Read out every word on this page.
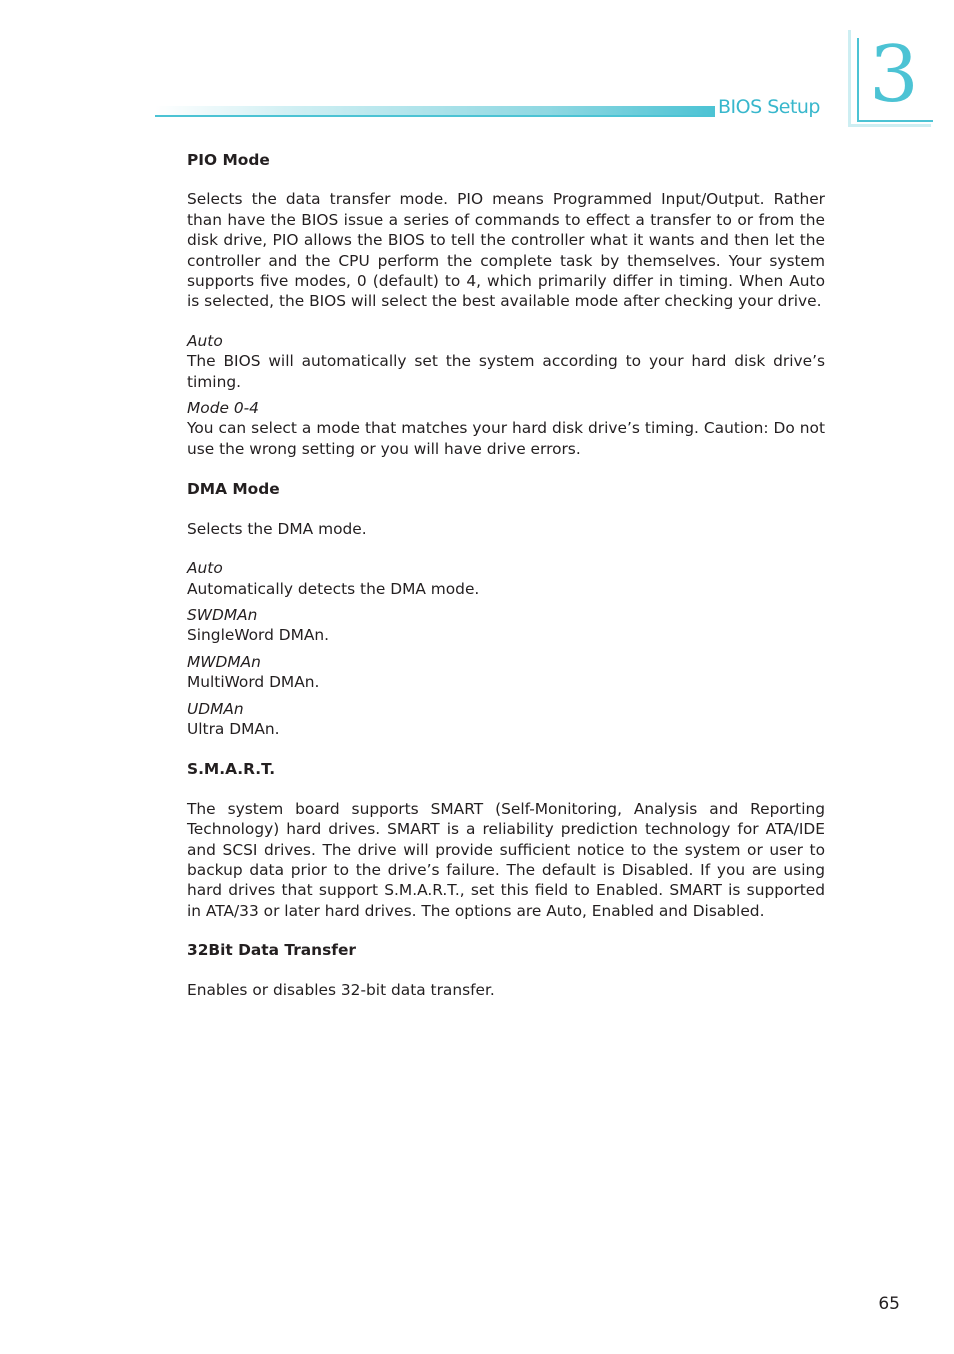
BIOS Setup 3
PIO Mode
Selects the data transfer mode. PIO means Programmed Input/Output. Rather than have the BIOS issue a series of commands to effect a transfer to or from the disk drive, PIO allows the BIOS to tell the controller what it wants and then let the controller and the CPU perform the complete task by themselves. Your system supports five modes, 0 (default) to 4, which primarily differ in timing. When Auto is selected, the BIOS will select the best available mode after checking your drive.
Auto
The BIOS will automatically set the system according to your hard disk drive’s timing.
Mode 0-4
You can select a mode that matches your hard disk drive’s timing. Caution: Do not use the wrong setting or you will have drive errors.
DMA Mode
Selects the DMA mode.
Auto
Automatically detects the DMA mode.
SWDMAn
SingleWord DMAn.
MWDMAn
MultiWord DMAn.
UDMAn
Ultra DMAn.
S.M.A.R.T.
The system board supports SMART (Self-Monitoring, Analysis and Reporting Technology) hard drives. SMART is a reliability prediction technology for ATA/IDE and SCSI drives. The drive will provide sufficient notice to the system or user to backup data prior to the drive’s failure. The default is Disabled. If you are using hard drives that support S.M.A.R.T., set this field to Enabled. SMART is supported in ATA/33 or later hard drives. The options are Auto, Enabled and Disabled.
32Bit Data Transfer
Enables or disables 32-bit data transfer.
65
